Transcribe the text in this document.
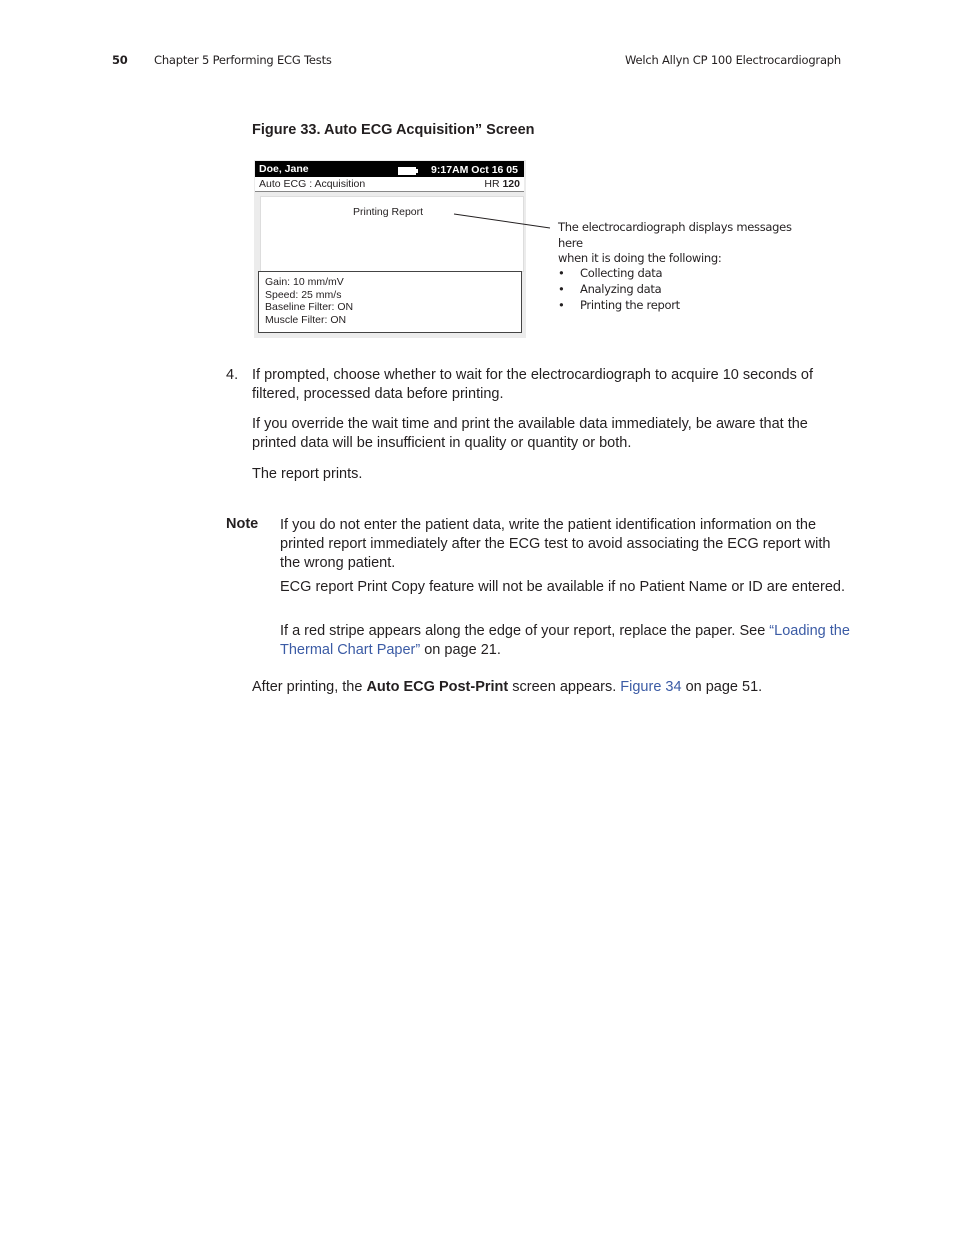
50 Chapter 5 Performing ECG Tests	Welch Allyn CP 100 Electrocardiograph
Figure 33. Auto ECG Acquisition” Screen
Doe, Jane	9:17AM Oct 16 05
Auto ECG : Acquisition	HR 120
Printing Report
Gain: 10 mm/mV
Speed: 25 mm/s
Baseline Filter: ON
Muscle Filter: ON
The electrocardiograph displays messages here
when it is doing the following:
• Collecting data
• Analyzing data
• Printing the report
4. If prompted, choose whether to wait for the electrocardiograph to acquire 10 seconds of filtered, processed data before printing.
If you override the wait time and print the available data immediately, be aware that the printed data will be insufficient in quality or quantity or both.
The report prints.
Note If you do not enter the patient data, write the patient identification information on the printed report immediately after the ECG test to avoid associating the ECG report with the wrong patient.
ECG report Print Copy feature will not be available if no Patient Name or ID are entered.
If a red stripe appears along the edge of your report, replace the paper. See “Loading the Thermal Chart Paper” on page 21.
After printing, the Auto ECG Post-Print screen appears. Figure 34 on page 51.
